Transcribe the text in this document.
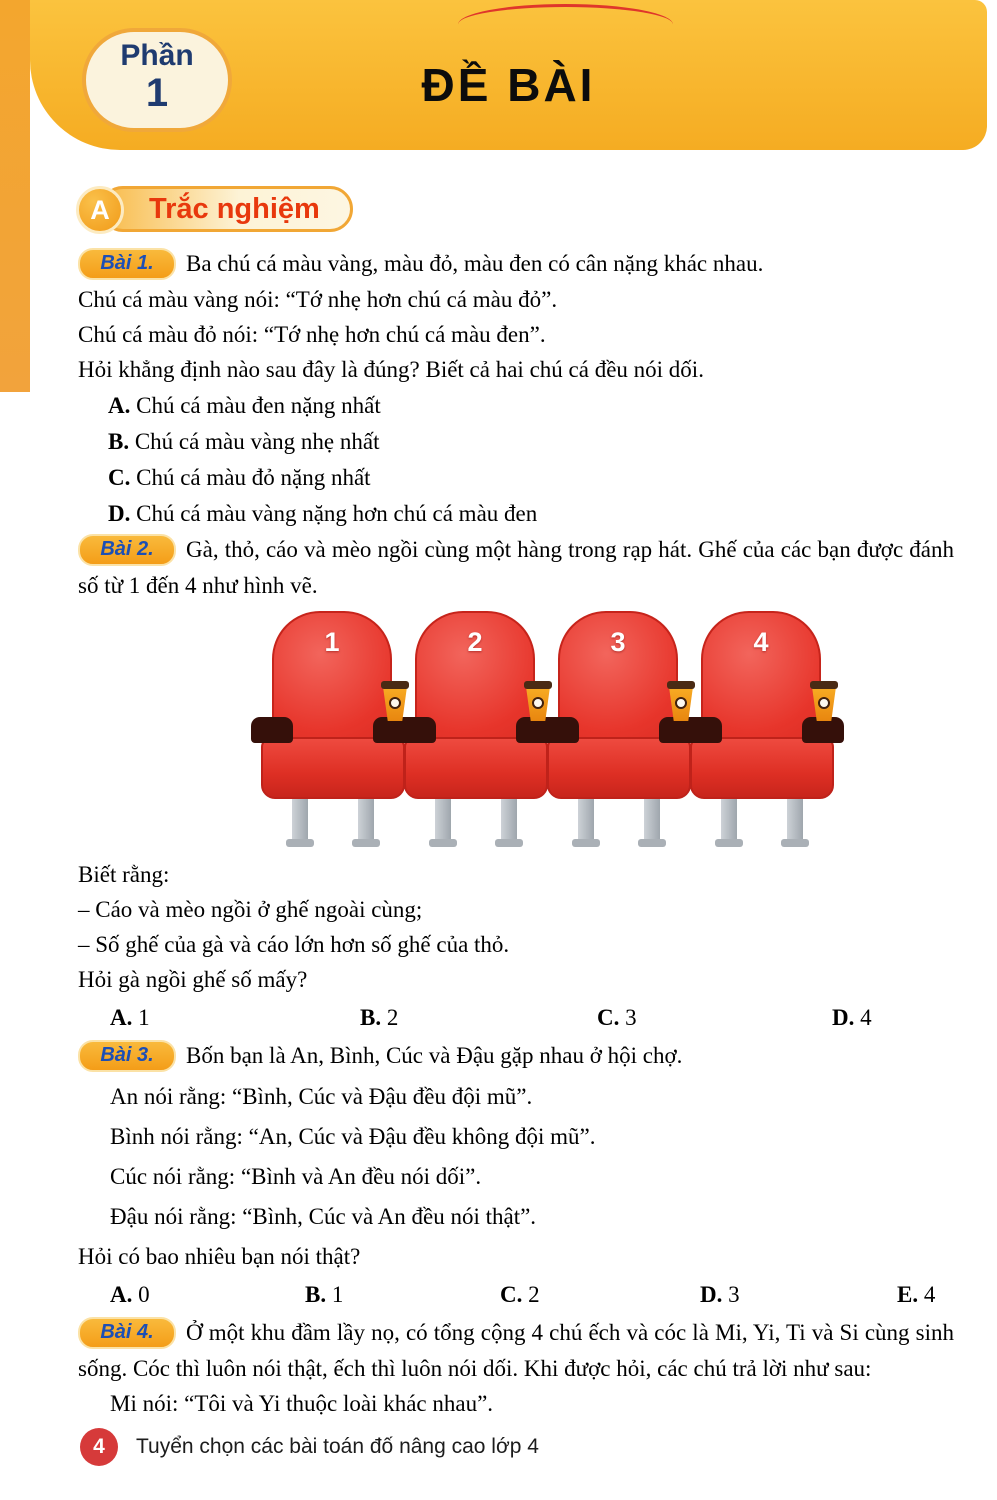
Phần
1	ĐỀ BÀI
A	Trắc nghiệm

Bài 1. Ba chú cá màu vàng, màu đỏ, màu đen có cân nặng khác nhau.

Chú cá màu vàng nói: “Tớ nhẹ hơn chú cá màu đỏ”.

Chú cá màu đỏ nói: “Tớ nhẹ hơn chú cá màu đen”.

Hỏi khẳng định nào sau đây là đúng? Biết cả hai chú cá đều nói dối.

A. Chú cá màu đen nặng nhất

B. Chú cá màu vàng nhẹ nhất

C. Chú cá màu đỏ nặng nhất

D. Chú cá màu vàng nặng hơn chú cá màu đen

Bài 2. Gà, thỏ, cáo và mèo ngồi cùng một hàng trong rạp hát. Ghế của các bạn được đánh số từ 1 đến 4 như hình vẽ.

1	2	3	4

Biết rằng:

– Cáo và mèo ngồi ở ghế ngoài cùng;

– Số ghế của gà và cáo lớn hơn số ghế của thỏ.

Hỏi gà ngồi ghế số mấy?

A. 1	B. 2	C. 3	D. 4

Bài 3. Bốn bạn là An, Bình, Cúc và Đậu gặp nhau ở hội chợ.

An nói rằng: “Bình, Cúc và Đậu đều đội mũ”.

Bình nói rằng: “An, Cúc và Đậu đều không đội mũ”.

Cúc nói rằng: “Bình và An đều nói dối”.

Đậu nói rằng: “Bình, Cúc và An đều nói thật”.

Hỏi có bao nhiêu bạn nói thật?

A. 0	B. 1	C. 2	D. 3	E. 4

Bài 4. Ở một khu đầm lầy nọ, có tổng cộng 4 chú ếch và cóc là Mi, Yi, Ti và Si cùng sinh sống. Cóc thì luôn nói thật, ếch thì luôn nói dối. Khi được hỏi, các chú trả lời như sau:

Mi nói: “Tôi và Yi thuộc loài khác nhau”.

4	Tuyển chọn các bài toán đố nâng cao lớp 4
